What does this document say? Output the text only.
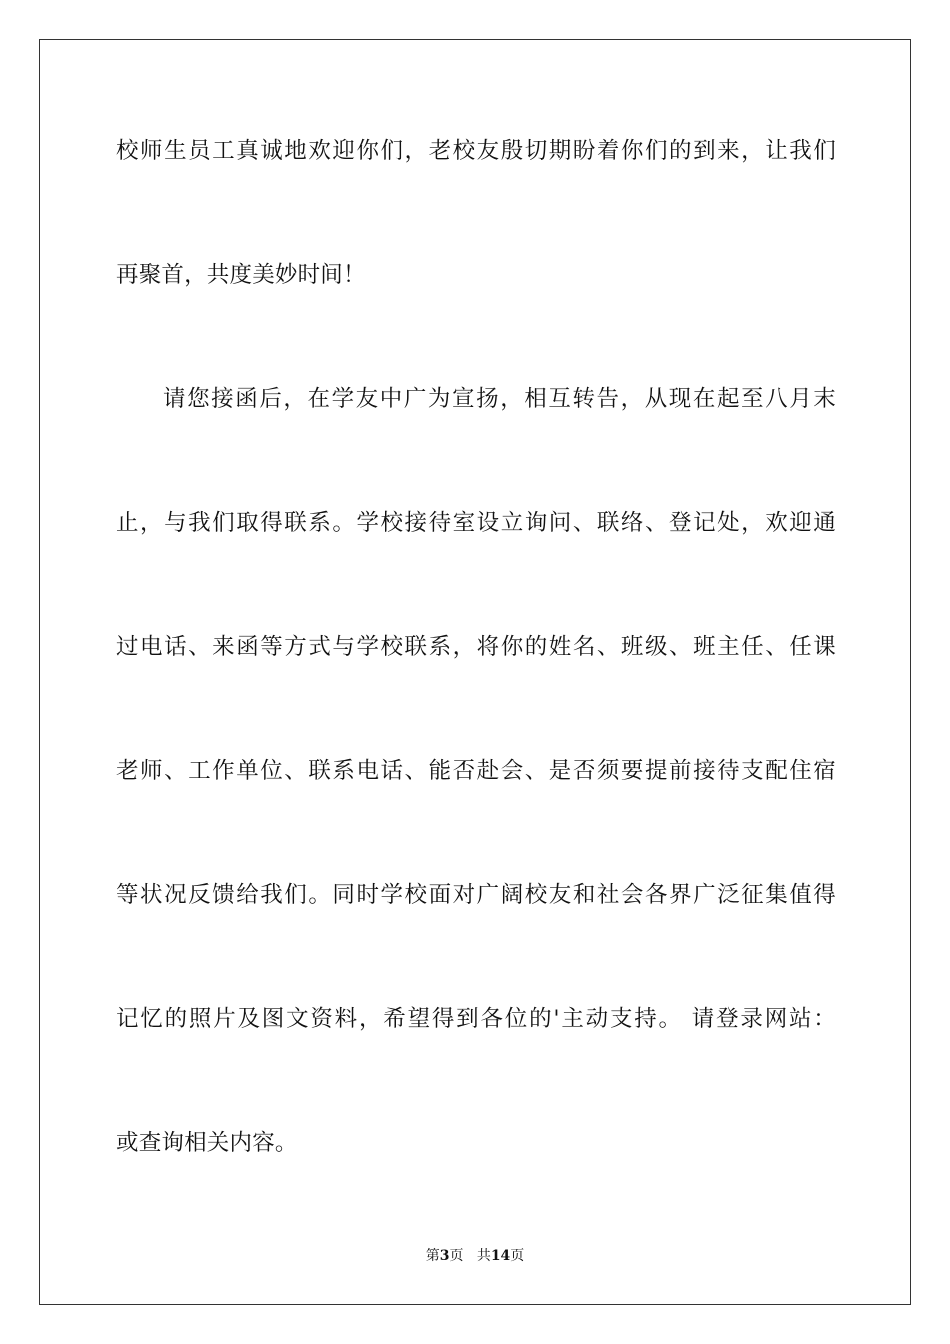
校师生员工真诚地欢迎你们，老校友殷切期盼着你们的到来，让我们
再聚首，共度美妙时间！
请您接函后，在学友中广为宣扬，相互转告，从现在起至八月末
止，与我们取得联系。学校接待室设立询问、联络、登记处，欢迎通
过电话、来函等方式与学校联系，将你的姓名、班级、班主任、任课
老师、工作单位、联系电话、能否赴会、是否须要提前接待支配住宿
等状况反馈给我们。同时学校面对广阔校友和社会各界广泛征集值得
记忆的照片及图文资料，希望得到各位的'主动支持。 请登录网站：
或查询相关内容。
第3页 共14页
